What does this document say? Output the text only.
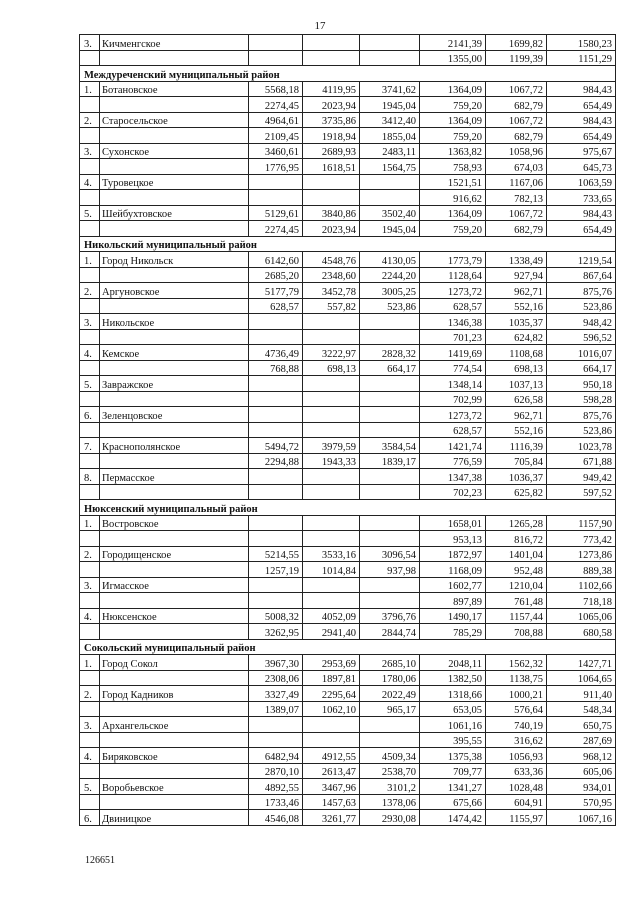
17
3.	Кичменгское				2141,39	1699,82	1580,23
					1355,00	1199,39	1151,29
Междуреченский муниципальный район							
1.	Ботановское	5568,18	4119,95	3741,62	1364,09	1067,72	984,43
		2274,45	2023,94	1945,04	759,20	682,79	654,49
2.	Старосельское	4964,61	3735,86	3412,40	1364,09	1067,72	984,43
		2109,45	1918,94	1855,04	759,20	682,79	654,49
3.	Сухонское	3460,61	2689,93	2483,11	1363,82	1058,96	975,67
		1776,95	1618,51	1564,75	758,93	674,03	645,73
4.	Туровецкое				1521,51	1167,06	1063,59
					916,62	782,13	733,65
5.	Шейбухтовское	5129,61	3840,86	3502,40	1364,09	1067,72	984,43
		2274,45	2023,94	1945,04	759,20	682,79	654,49
Никольский муниципальный район							
1.	Город Никольск	6142,60	4548,76	4130,05	1773,79	1338,49	1219,54
		2685,20	2348,60	2244,20	1128,64	927,94	867,64
2.	Аргуновское	5177,79	3452,78	3005,25	1273,72	962,71	875,76
		628,57	557,82	523,86	628,57	552,16	523,86
3.	Никольское				1346,38	1035,37	948,42
					701,23	624,82	596,52
4.	Кемское	4736,49	3222,97	2828,32	1419,69	1108,68	1016,07
		768,88	698,13	664,17	774,54	698,13	664,17
5.	Завражское				1348,14	1037,13	950,18
					702,99	626,58	598,28
6.	Зеленцовское				1273,72	962,71	875,76
					628,57	552,16	523,86
7.	Краснополянское	5494,72	3979,59	3584,54	1421,74	1116,39	1023,78
		2294,88	1943,33	1839,17	776,59	705,84	671,88
8.	Пермасское				1347,38	1036,37	949,42
					702,23	625,82	597,52
Нюксенский муниципальный район							
1.	Востровское				1658,01	1265,28	1157,90
					953,13	816,72	773,42
2.	Городищенское	5214,55	3533,16	3096,54	1872,97	1401,04	1273,86
		1257,19	1014,84	937,98	1168,09	952,48	889,38
3.	Игмасское				1602,77	1210,04	1102,66
					897,89	761,48	718,18
4.	Нюксенское	5008,32	4052,09	3796,76	1490,17	1157,44	1065,06
		3262,95	2941,40	2844,74	785,29	708,88	680,58
Сокольский муниципальный район							
1.	Город Сокол	3967,30	2953,69	2685,10	2048,11	1562,32	1427,71
		2308,06	1897,81	1780,06	1382,50	1138,75	1064,65
2.	Город Кадников	3327,49	2295,64	2022,49	1318,66	1000,21	911,40
		1389,07	1062,10	965,17	653,05	576,64	548,34
3.	Архангельское				1061,16	740,19	650,75
					395,55	316,62	287,69
4.	Биряковское	6482,94	4912,55	4509,34	1375,38	1056,93	968,12
		2870,10	2613,47	2538,70	709,77	633,36	605,06
5.	Воробьевское	4892,55	3467,96	3101,2	1341,27	1028,48	934,01
		1733,46	1457,63	1378,06	675,66	604,91	570,95
6.	Двиницкое	4546,08	3261,77	2930,08	1474,42	1155,97	1067,16
126651
